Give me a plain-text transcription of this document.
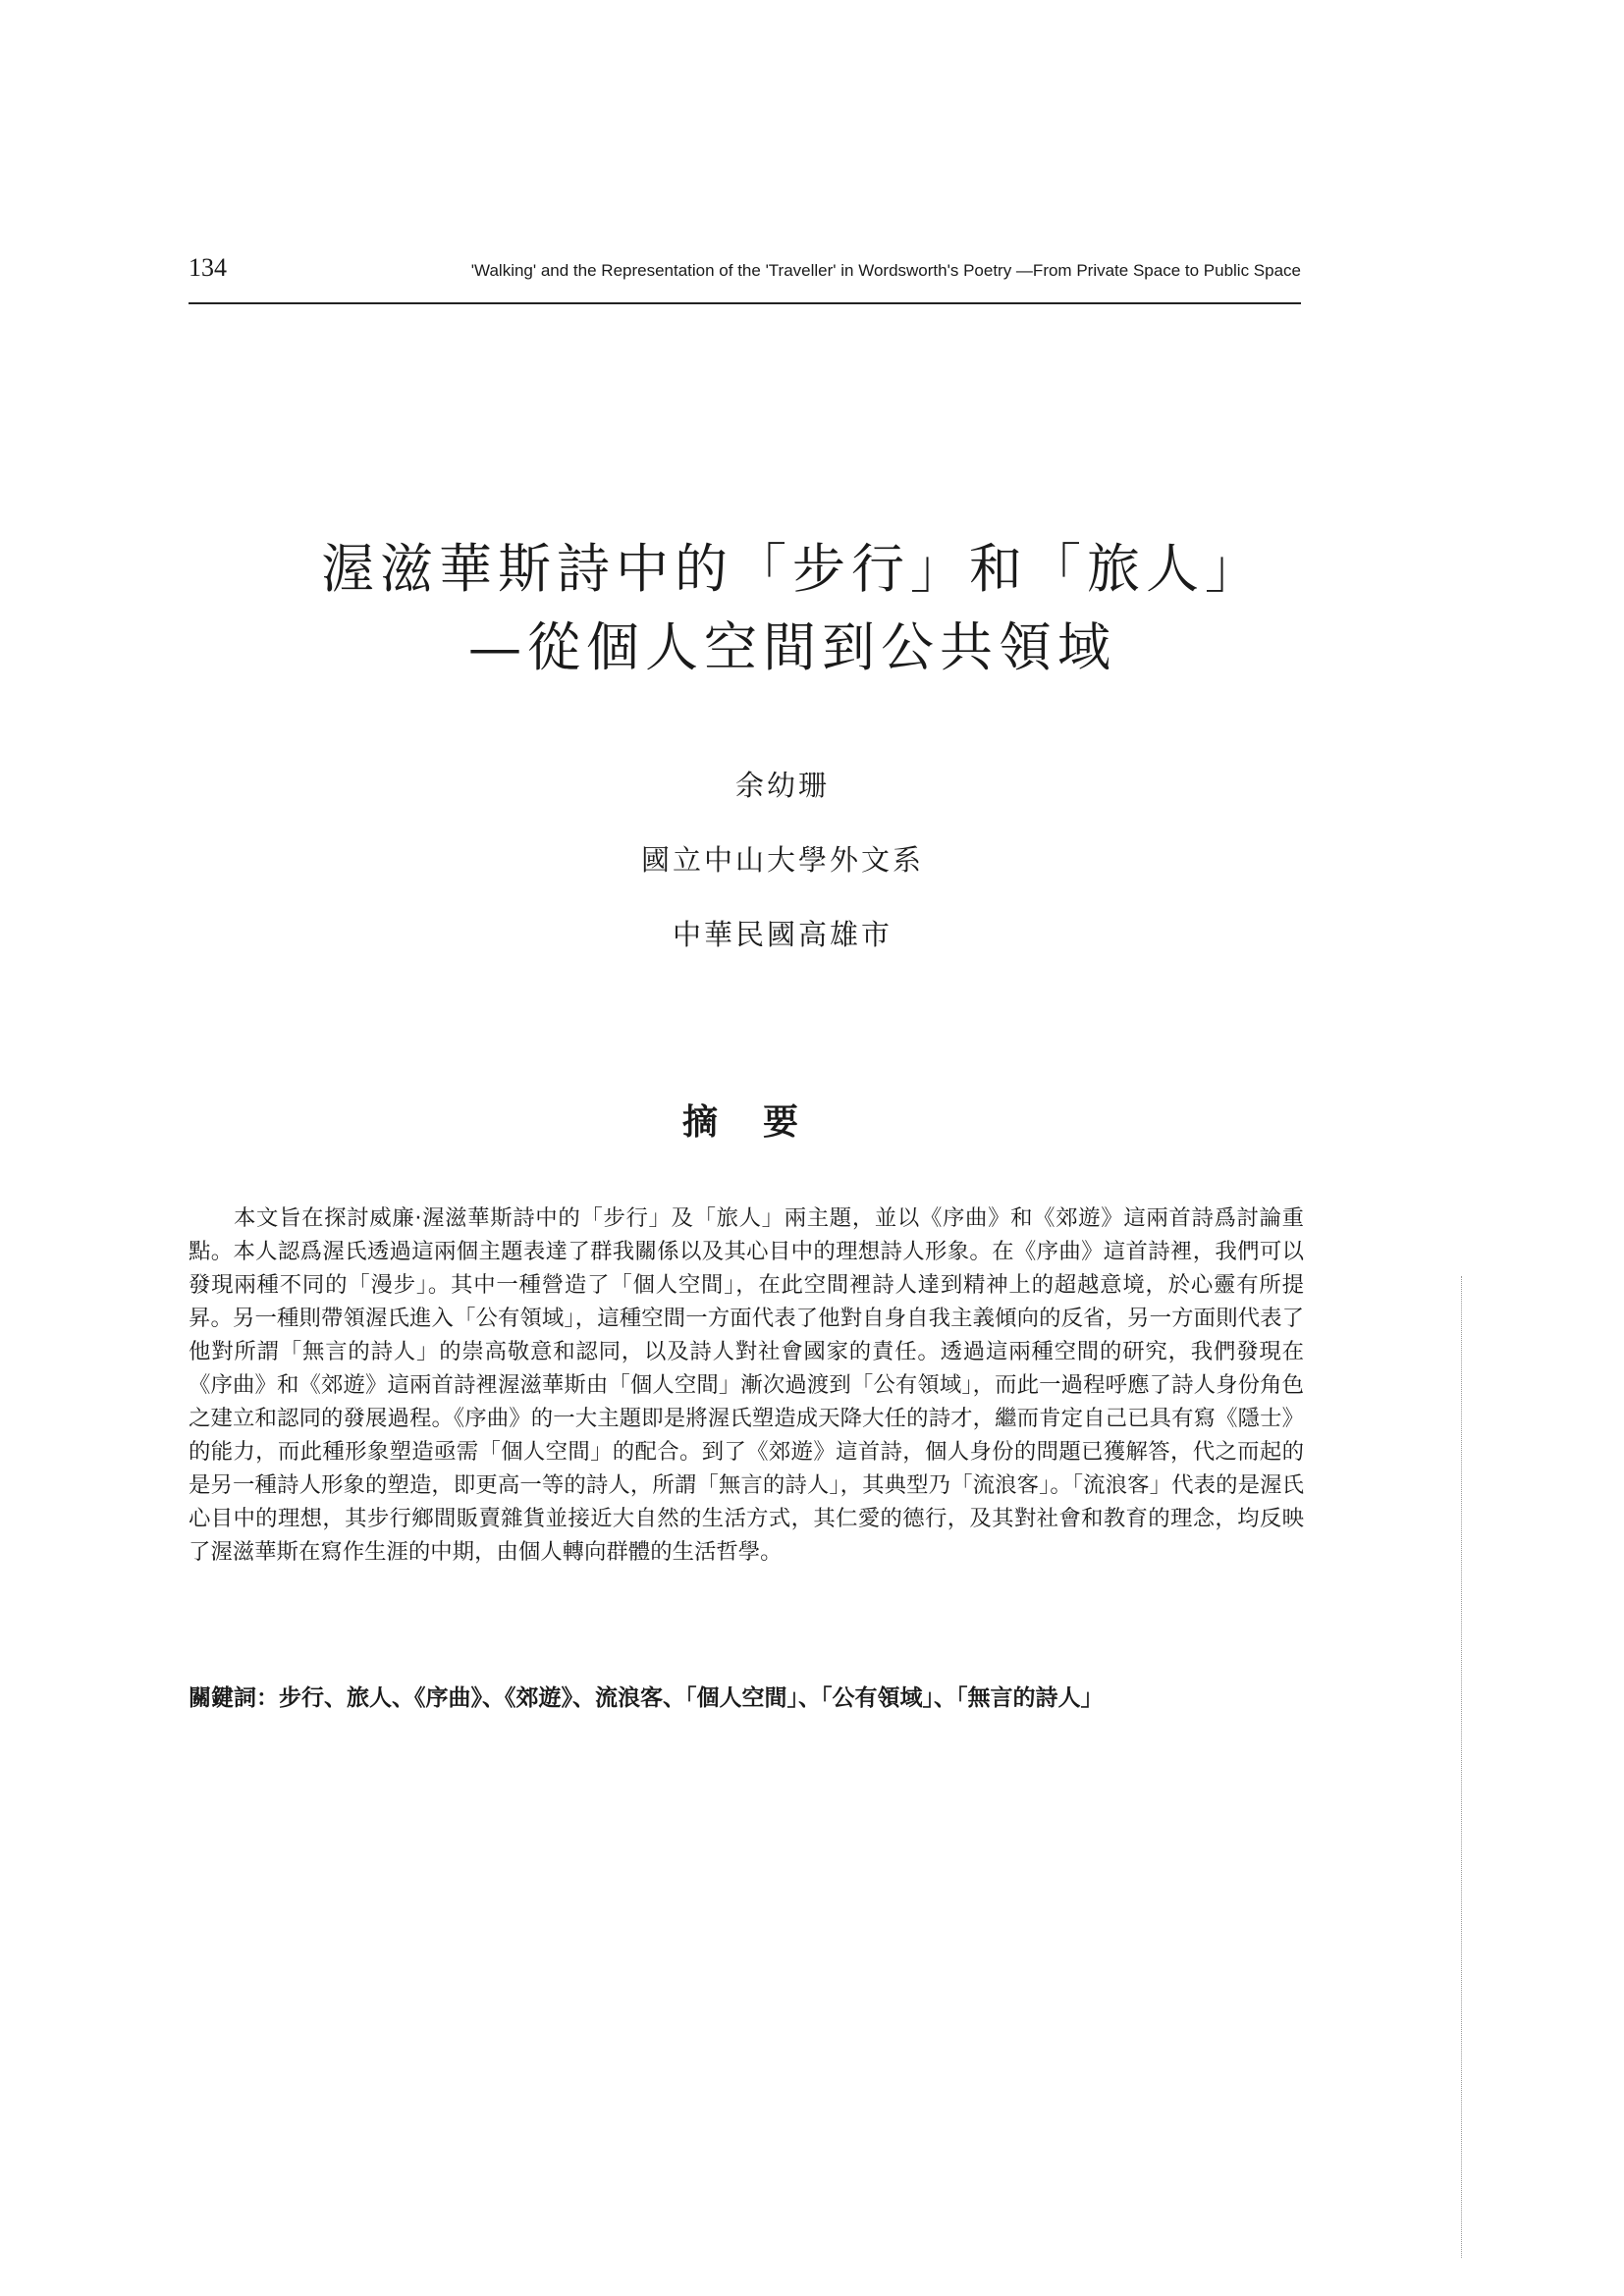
134	'Walking' and the Representation of the 'Traveller' in Wordsworth's Poetry —From Private Space to Public Space
渥滋華斯詩中的「步行」和「旅人」
—從個人空間到公共領域
余幼珊
國立中山大學外文系
中華民國高雄市
摘要
本文旨在探討威廉‧渥滋華斯詩中的「步行」及「旅人」兩主題，並以《序曲》和《郊遊》這兩首詩爲討論重點。本人認爲渥氏透過這兩個主題表達了群我關係以及其心目中的理想詩人形象。在《序曲》這首詩裡，我們可以發現兩種不同的「漫步」。其中一種營造了「個人空間」，在此空間裡詩人達到精神上的超越意境，於心靈有所提昇。另一種則帶領渥氏進入「公有領域」，這種空間一方面代表了他對自身自我主義傾向的反省，另一方面則代表了他對所謂「無言的詩人」的崇高敬意和認同，以及詩人對社會國家的責任。透過這兩種空間的研究，我們發現在《序曲》和《郊遊》這兩首詩裡渥滋華斯由「個人空間」漸次過渡到「公有領域」，而此一過程呼應了詩人身份角色之建立和認同的發展過程。《序曲》的一大主題即是將渥氏塑造成天降大任的詩才，繼而肯定自己已具有寫《隱士》的能力，而此種形象塑造亟需「個人空間」的配合。到了《郊遊》這首詩，個人身份的問題已獲解答，代之而起的是另一種詩人形象的塑造，即更高一等的詩人，所謂「無言的詩人」，其典型乃「流浪客」。「流浪客」代表的是渥氏心目中的理想，其步行鄉間販賣雜貨並接近大自然的生活方式，其仁愛的德行，及其對社會和教育的理念，均反映了渥滋華斯在寫作生涯的中期，由個人轉向群體的生活哲學。
關鍵詞： 步行、旅人、《序曲》、《郊遊》、流浪客、「個人空間」、「公有領域」、「無言的詩人」
